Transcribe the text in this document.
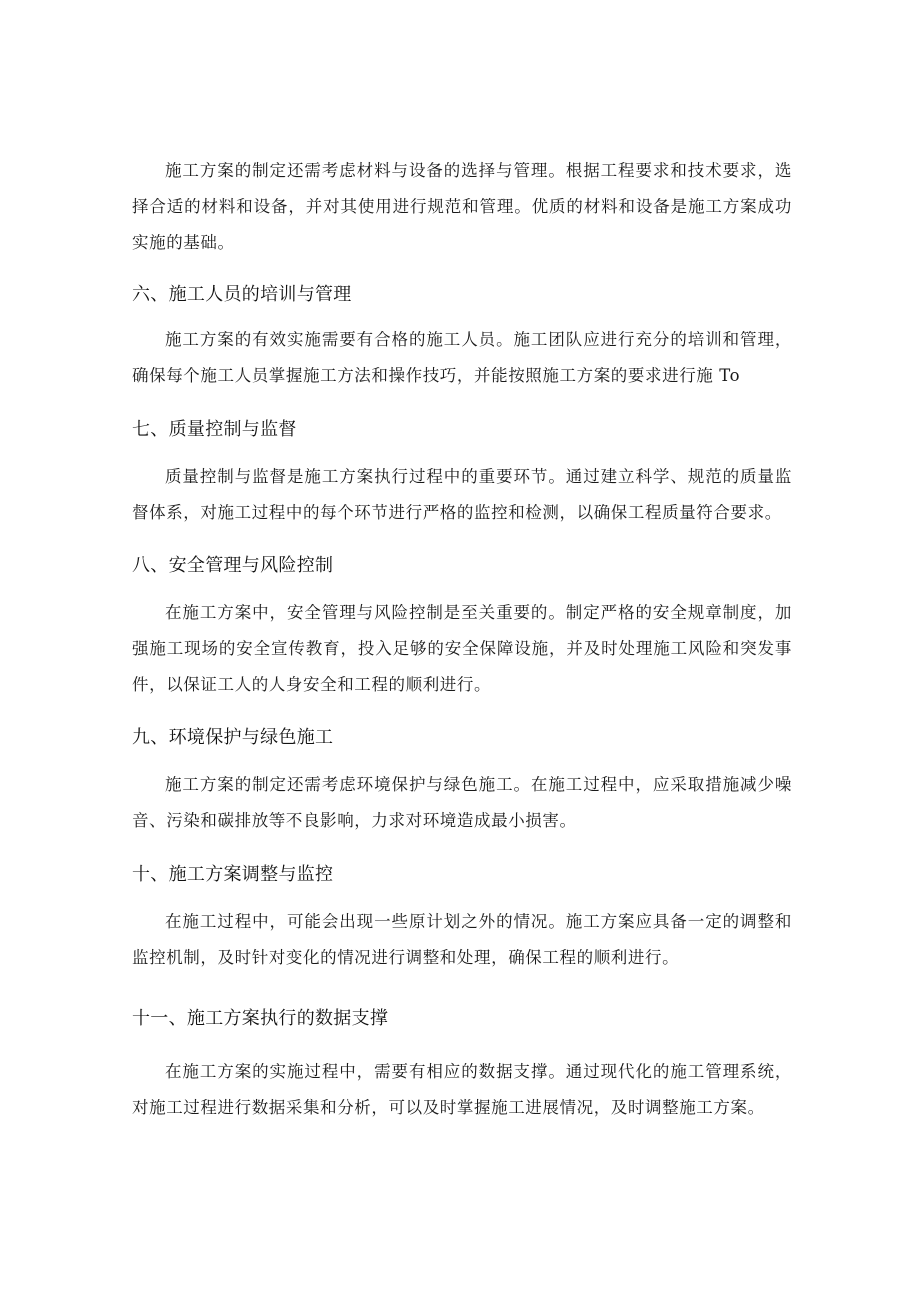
施工方案的制定还需考虑材料与设备的选择与管理。根据工程要求和技术要求，选择合适的材料和设备，并对其使用进行规范和管理。优质的材料和设备是施工方案成功实施的基础。

六、施工人员的培训与管理

施工方案的有效实施需要有合格的施工人员。施工团队应进行充分的培训和管理，确保每个施工人员掌握施工方法和操作技巧，并能按照施工方案的要求进行施 To

七、质量控制与监督

质量控制与监督是施工方案执行过程中的重要环节。通过建立科学、规范的质量监督体系，对施工过程中的每个环节进行严格的监控和检测，以确保工程质量符合要求。

八、安全管理与风险控制

在施工方案中，安全管理与风险控制是至关重要的。制定严格的安全规章制度，加强施工现场的安全宣传教育，投入足够的安全保障设施，并及时处理施工风险和突发事件，以保证工人的人身安全和工程的顺利进行。

九、环境保护与绿色施工

施工方案的制定还需考虑环境保护与绿色施工。在施工过程中，应采取措施减少噪音、污染和碳排放等不良影响，力求对环境造成最小损害。

十、施工方案调整与监控

在施工过程中，可能会出现一些原计划之外的情况。施工方案应具备一定的调整和监控机制，及时针对变化的情况进行调整和处理，确保工程的顺利进行。

十一、施工方案执行的数据支撑

在施工方案的实施过程中，需要有相应的数据支撑。通过现代化的施工管理系统，对施工过程进行数据采集和分析，可以及时掌握施工进展情况，及时调整施工方案。
